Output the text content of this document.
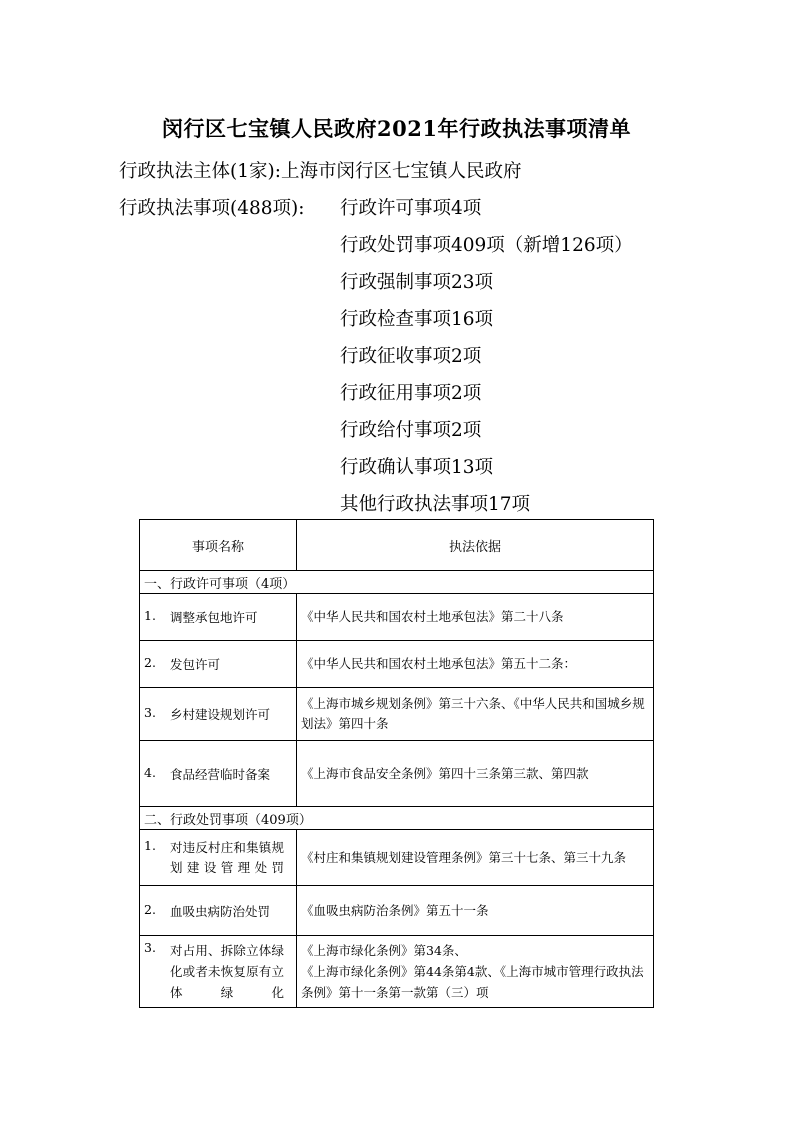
闵行区七宝镇人民政府2021年行政执法事项清单
行政执法主体(1家):上海市闵行区七宝镇人民政府
行政执法事项(488项): 行政许可事项4项
行政处罚事项409项（新增126项）
行政强制事项23项
行政检查事项16项
行政征收事项2项
行政征用事项2项
行政给付事项2项
行政确认事项13项
其他行政执法事项17项
事项名称	执法依据
一、行政许可事项（4项）	
1. 调整承包地许可	《中华人民共和国农村土地承包法》第二十八条
2. 发包许可	《中华人民共和国农村土地承包法》第五十二条：
3. 乡村建设规划许可	《上海市城乡规划条例》第三十六条、《中华人民共和国城乡规划法》第四十条
4. 食品经营临时备案	《上海市食品安全条例》第四十三条第三款、第四款
二、行政处罚事项（409项）	
1. 对违反村庄和集镇规划建设管理处罚	《村庄和集镇规划建设管理条例》第三十七条、第三十九条
2. 血吸虫病防治处罚	《血吸虫病防治条例》第五十一条
3. 对占用、拆除立体绿化或者未恢复原有立体绿化	《上海市绿化条例》第34条、
《上海市绿化条例》第44条第4款、《上海市城市管理行政执法条例》第十一条第一款第（三）项
